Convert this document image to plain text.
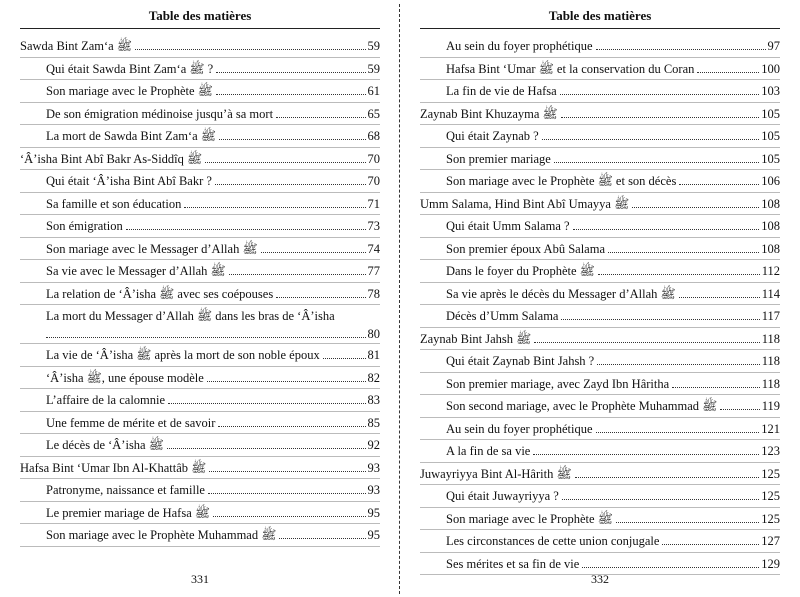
Table des matières
Sawda Bint Zam‘a ﷺ	59
Qui était Sawda Bint Zam‘a ﷺ ?	59
Son mariage avec le Prophète ﷺ	61
De son émigration médinoise jusqu’à sa mort	65
La mort de Sawda Bint Zam‘a ﷺ	68
‘Â’isha Bint Abî Bakr As-Siddîq ﷺ	70
Qui était ‘Â’isha Bint Abî Bakr ?	70
Sa famille et son éducation	71
Son émigration	73
Son mariage avec le Messager d’Allah ﷺ	74
Sa vie avec le Messager d’Allah ﷺ	77
La relation de ‘Â’isha ﷺ avec ses coépouses	78
La mort du Messager d’Allah ﷺ dans les bras de ‘Â’isha
80
La vie de ‘Â’isha ﷺ après la mort de son noble époux	81
‘Â’isha ﷺ, une épouse modèle	82
L’affaire de la calomnie	83
Une femme de mérite et de savoir	85
Le décès de ‘Â’isha ﷺ	92
Hafsa Bint ‘Umar Ibn Al-Khattâb ﷺ	93
Patronyme, naissance et famille	93
Le premier mariage de Hafsa ﷺ	95
Son mariage avec le Prophète Muhammad ﷺ	95
331
Table des matières
Au sein du foyer prophétique	97
Hafsa Bint ‘Umar ﷺ et la conservation du Coran	100
La fin de vie de Hafsa	103
Zaynab Bint Khuzayma ﷺ	105
Qui était Zaynab ?	105
Son premier mariage	105
Son mariage avec le Prophète ﷺ et son décès	106
Umm Salama, Hind Bint Abî Umayya ﷺ	108
Qui était Umm Salama ?	108
Son premier époux Abû Salama	108
Dans le foyer du Prophète ﷺ	112
Sa vie après le décès du Messager d’Allah ﷺ	114
Décès d’Umm Salama	117
Zaynab Bint Jahsh ﷺ	118
Qui était Zaynab Bint Jahsh ?	118
Son premier mariage, avec Zayd Ibn Hâritha	118
Son second mariage, avec le Prophète Muhammad ﷺ	119
Au sein du foyer prophétique	121
A la fin de sa vie	123
Juwayriyya Bint Al-Hârith ﷺ	125
Qui était Juwayriyya ?	125
Son mariage avec le Prophète ﷺ	125
Les circonstances de cette union conjugale	127
Ses mérites et sa fin de vie	129
332
